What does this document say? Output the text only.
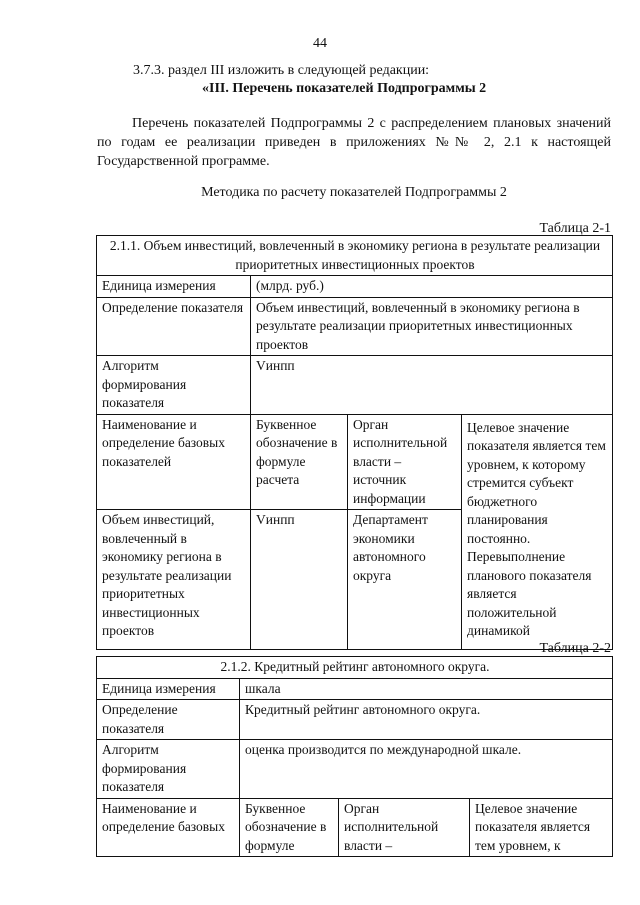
44
3.7.3. раздел III изложить в следующей редакции:
«III. Перечень показателей Подпрограммы 2
Перечень показателей Подпрограммы 2 с распределением плановых значений по годам ее реализации приведен в приложениях №№ 2, 2.1 к настоящей Государственной программе.
Методика по расчету показателей Подпрограммы 2
Таблица 2-1
2.1.1. Объем инвестиций, вовлеченный в экономику региона в результате реализации приоритетных инвестиционных проектов			
Единица измерения	(млрд. руб.)		
Определение показателя	Объем инвестиций, вовлеченный в экономику региона в результате реализации приоритетных инвестиционных проектов		
Алгоритм формирования показателя	Vинпп		
Наименование и определение базовых показателей	Буквенное обозначение в формуле расчета	Орган исполнительной власти – источник информации	Целевое значение показателя является тем уровнем, к которому стремится субъект бюджетного планирования постоянно. Перевыполнение планового показателя является положительной динамикой
Объем инвестиций, вовлеченный в экономику региона в результате реализации приоритетных инвестиционных проектов	Vинпп	Департамент экономики автономного округа	
Таблица 2-2
2.1.2. Кредитный рейтинг автономного округа.			
Единица измерения	шкала		
Определение показателя	Кредитный рейтинг автономного округа.		
Алгоритм формирования показателя	оценка производится по международной шкале.		
Наименование и определение базовых	Буквенное обозначение в формуле	Орган исполнительной власти –	Целевое значение показателя является тем уровнем, к
